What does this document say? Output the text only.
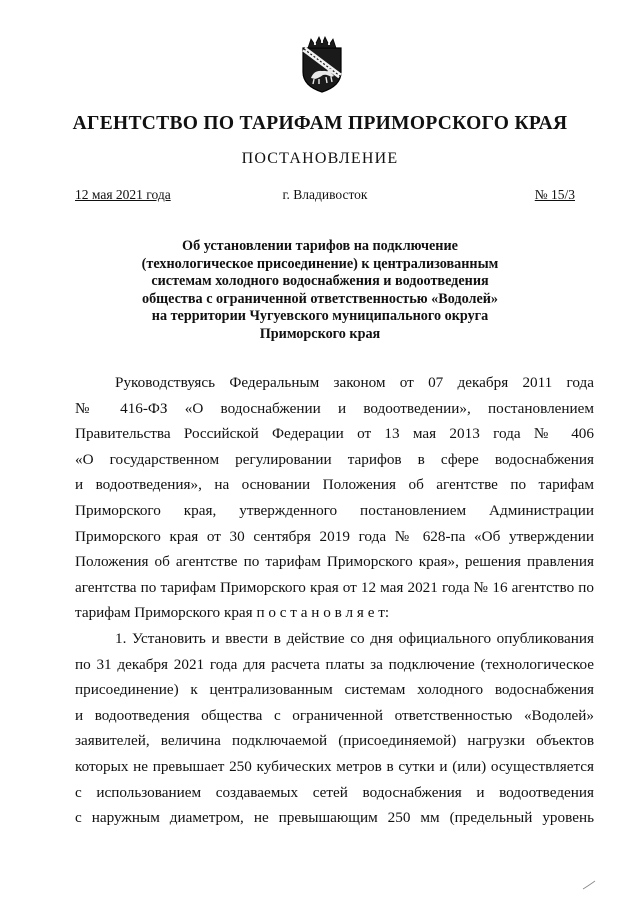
АГЕНТСТВО ПО ТАРИФАМ ПРИМОРСКОГО КРАЯ
ПОСТАНОВЛЕНИЕ
12 мая 2021 года	г. Владивосток	№ 15/3
Об установлении тарифов на подключение
(технологическое присоединение) к централизованным
системам холодного водоснабжения и водоотведения
общества с ограниченной ответственностью «Водолей»
на территории Чугуевского муниципального округа
Приморского края
Руководствуясь Федеральным законом от 07 декабря 2011 года
№ 416-ФЗ «О водоснабжении и водоотведении», постановлением
Правительства Российской Федерации от 13 мая 2013 года № 406
«О государственном регулировании тарифов в сфере водоснабжения
и водоотведения», на основании Положения об агентстве по тарифам
Приморского края, утвержденного постановлением Администрации
Приморского края от 30 сентября 2019 года № 628-па «Об утверждении
Положения об агентстве по тарифам Приморского края», решения правления
агентства по тарифам Приморского края от 12 мая 2021 года № 16 агентство по
тарифам Приморского края п о с т а н о в л я е т:
1. Установить и ввести в действие со дня официального опубликования
по 31 декабря 2021 года для расчета платы за подключение (технологическое
присоединение) к централизованным системам холодного водоснабжения
и водоотведения общества с ограниченной ответственностью «Водолей»
заявителей, величина подключаемой (присоединяемой) нагрузки объектов
которых не превышает 250 кубических метров в сутки и (или) осуществляется
с использованием создаваемых сетей водоснабжения и водоотведения
с наружным диаметром, не превышающим 250 мм (предельный уровень
